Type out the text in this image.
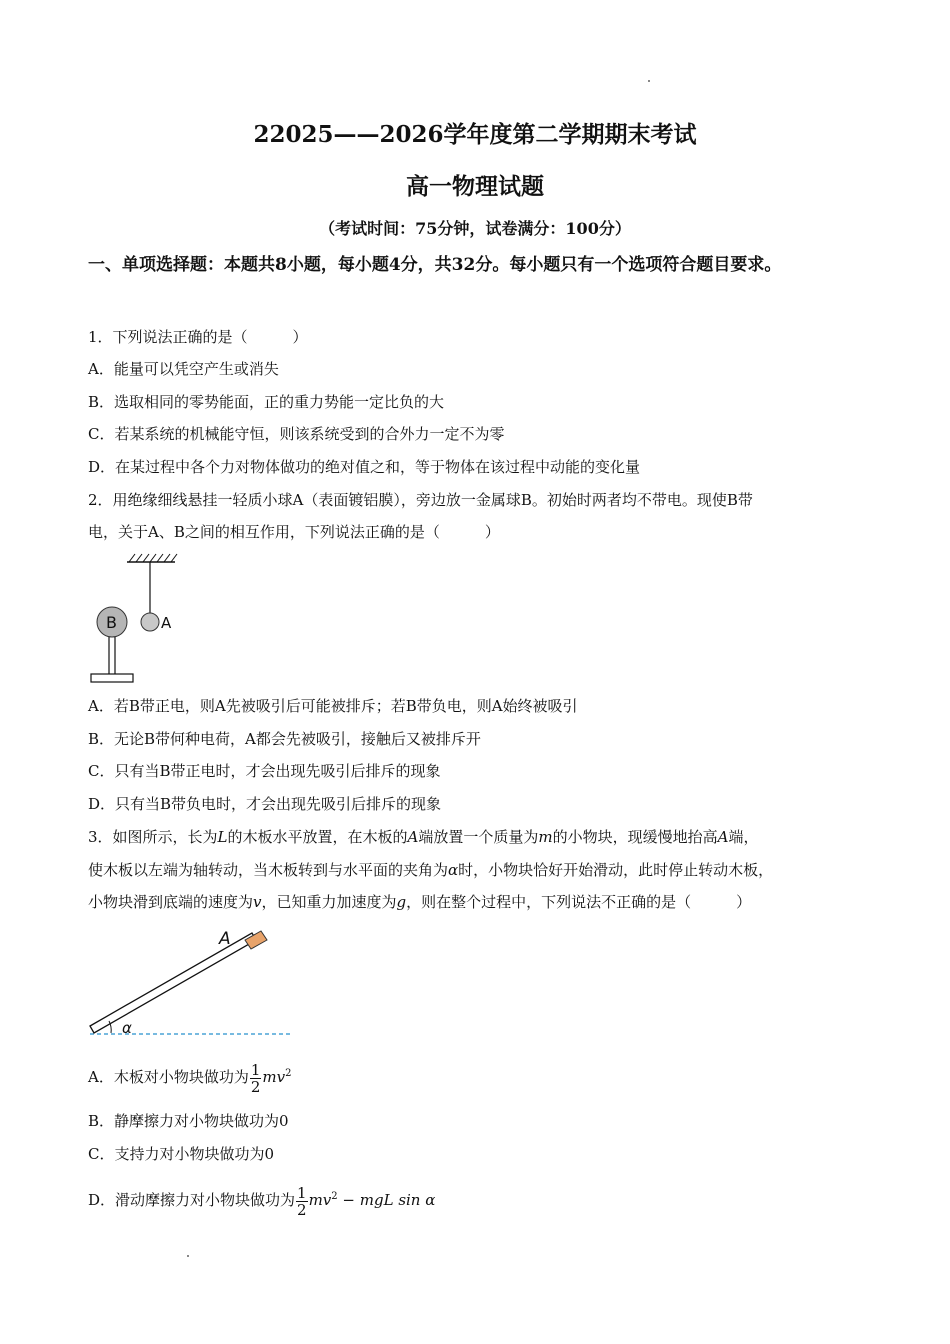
22025——2026学年度第二学期期末考试
高一物理试题
（考试时间：75分钟，试卷满分：100分）
一、单项选择题：本题共8小题，每小题4分，共32分。每小题只有一个选项符合题目要求。
1．下列说法正确的是（　　　）
A．能量可以凭空产生或消失
B．选取相同的零势能面，正的重力势能一定比负的大
C．若某系统的机械能守恒，则该系统受到的合外力一定不为零
D．在某过程中各个力对物体做功的绝对值之和，等于物体在该过程中动能的变化量
2．用绝缘细线悬挂一轻质小球A（表面镀铝膜），旁边放一金属球B。初始时两者均不带电。现使B带
电，关于A、B之间的相互作用，下列说法正确的是（　　　）
A
B
A．若B带正电，则A先被吸引后可能被排斥；若B带负电，则A始终被吸引
B．无论B带何种电荷，A都会先被吸引，接触后又被排斥开
C．只有当B带正电时，才会出现先吸引后排斥的现象
D．只有当B带负电时，才会出现先吸引后排斥的现象
3．如图所示，长为L的木板水平放置，在木板的A端放置一个质量为m的小物块，现缓慢地抬高A端，
使木板以左端为轴转动，当木板转到与水平面的夹角为α时，小物块恰好开始滑动，此时停止转动木板，
小物块滑到底端的速度为v，已知重力加速度为g，则在整个过程中，下列说法不正确的是（　　　）
A
α
A．木板对小物块做功为 $\frac{1}{2} mv^2$
B．静摩擦力对小物块做功为0
C．支持力对小物块做功为0
D．滑动摩擦力对小物块做功为 $\frac{1}{2} mv^2$ − mgL sin α
